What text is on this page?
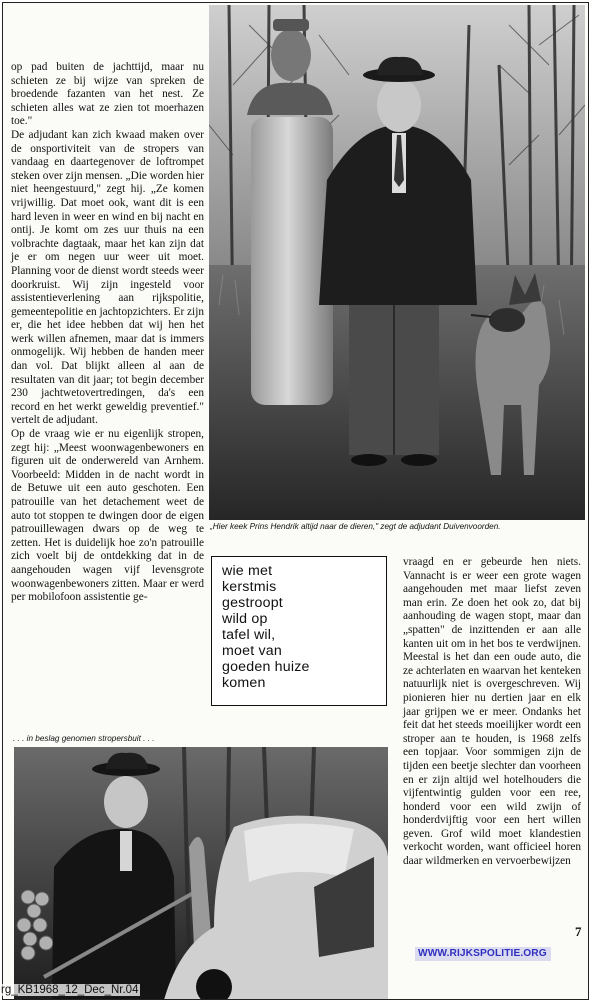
op pad buiten de jachttijd, maar nu schieten ze bij wijze van spreken de broedende fazanten van het nest. Ze schieten alles wat ze zien tot moerhazen toe."

De adjudant kan zich kwaad maken over de onsportiviteit van de stropers van vandaag en daartegenover de loftrompet steken over zijn mensen. „Die worden hier niet heengestuurd," zegt hij. „Ze komen vrijwillig. Dat moet ook, want dit is een hard leven in weer en wind en bij nacht en ontij. Je komt om zes uur thuis na een volbrachte dagtaak, maar het kan zijn dat je er om negen uur weer uit moet. Planning voor de dienst wordt steeds weer doorkruist. Wij zijn ingesteld voor assistentieverlening aan rijkspolitie, gemeentepolitie en jachtopzichters. Er zijn er, die het idee hebben dat wij hen het werk willen afnemen, maar dat is immers onmogelijk. Wij hebben de handen meer dan vol. Dat blijkt alleen al aan de resultaten van dit jaar; tot begin december 230 jachtwetovertredingen, da's een record en het werkt geweldig preventief." vertelt de adjudant.

Op de vraag wie er nu eigenlijk stropen, zegt hij: „Meest woonwagenbewoners en figuren uit de onderwereld van Arnhem. Voorbeeld: Midden in de nacht wordt in de Betuwe uit een auto geschoten. Een patrouille van het detachement weet de auto tot stoppen te dwingen door de eigen patrouillewagen dwars op de weg te zetten. Het is duidelijk hoe zo'n patrouille zich voelt bij de ontdekking dat in de aangehouden wagen vijf levensgrote woonwagenbewoners zitten. Maar er werd per mobilofoon assistentie ge-

„Hier keek Prins Hendrik altijd naar de dieren," zegt de adjudant Duivenvoorden.
wie met
kerstmis
gestroopt
wild op
tafel wil,
moet van
goeden huize
komen

vraagd en er gebeurde hen niets. Vannacht is er weer een grote wagen aangehouden met maar liefst zeven man erin. Ze doen het ook zo, dat bij aanhouding de wagen stopt, maar dan „spatten" de inzittenden er aan alle kanten uit om in het bos te verdwijnen. Meestal is het dan een oude auto, die ze achterlaten en waarvan het kenteken natuurlijk niet is overgeschreven. Wij pionieren hier nu dertien jaar en elk jaar grijpen we er meer. Ondanks het feit dat het steeds moeilijker wordt een stroper aan te houden, is 1968 zelfs een topjaar. Voor sommigen zijn de tijden een beetje slechter dan voorheen en er zijn altijd wel hotelhouders die vijfentwintig gulden voor een ree, honderd voor een wild zwijn of honderdvijftig voor een hert willen geven. Grof wild moet klandestien verkocht worden, want officieel horen daar wildmerken en vervoerbewijzen

. . . in beslag genomen stropersbuit . . .
7
WWW.RIJKSPOLITIE.ORG
rg_KB1968_12_Dec_Nr.04
